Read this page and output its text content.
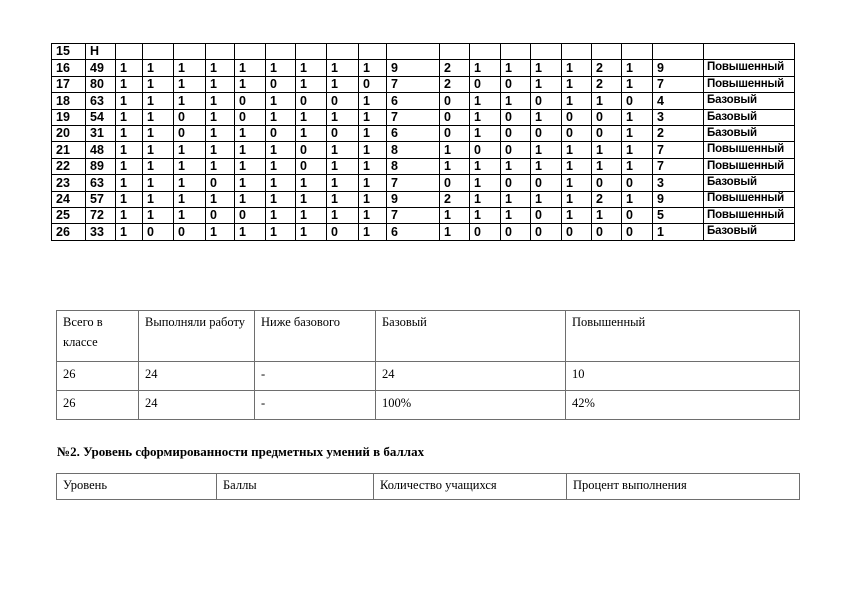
15	Н																			
16	49	1	1	1	1	1	1	1	1	1	9	2	1	1	1	1	2	1	9	Повышенный
17	80	1	1	1	1	1	0	1	1	0	7	2	0	0	1	1	2	1	7	Повышенный
18	63	1	1	1	1	0	1	0	0	1	6	0	1	1	0	1	1	0	4	Базовый
19	54	1	1	0	1	0	1	1	1	1	7	0	1	0	1	0	0	1	3	Базовый
20	31	1	1	0	1	1	0	1	0	1	6	0	1	0	0	0	0	1	2	Базовый
21	48	1	1	1	1	1	1	0	1	1	8	1	0	0	1	1	1	1	7	Повышенный
22	89	1	1	1	1	1	1	0	1	1	8	1	1	1	1	1	1	1	7	Повышенный
23	63	1	1	1	0	1	1	1	1	1	7	0	1	0	0	1	0	0	3	Базовый
24	57	1	1	1	1	1	1	1	1	1	9	2	1	1	1	1	2	1	9	Повышенный
25	72	1	1	1	0	0	1	1	1	1	7	1	1	1	0	1	1	0	5	Повышенный
26	33	1	0	0	1	1	1	1	0	1	6	1	0	0	0	0	0	0	1	Базовый
Всего в классе	Выполняли работу	Ниже базового	Базовый	Повышенный
26	24	-	24	10
26	24	-	100%	42%

№2. Уровень сформированности предметных умений в баллах

Уровень	Баллы	Количество учащихся	Процент выполнения
